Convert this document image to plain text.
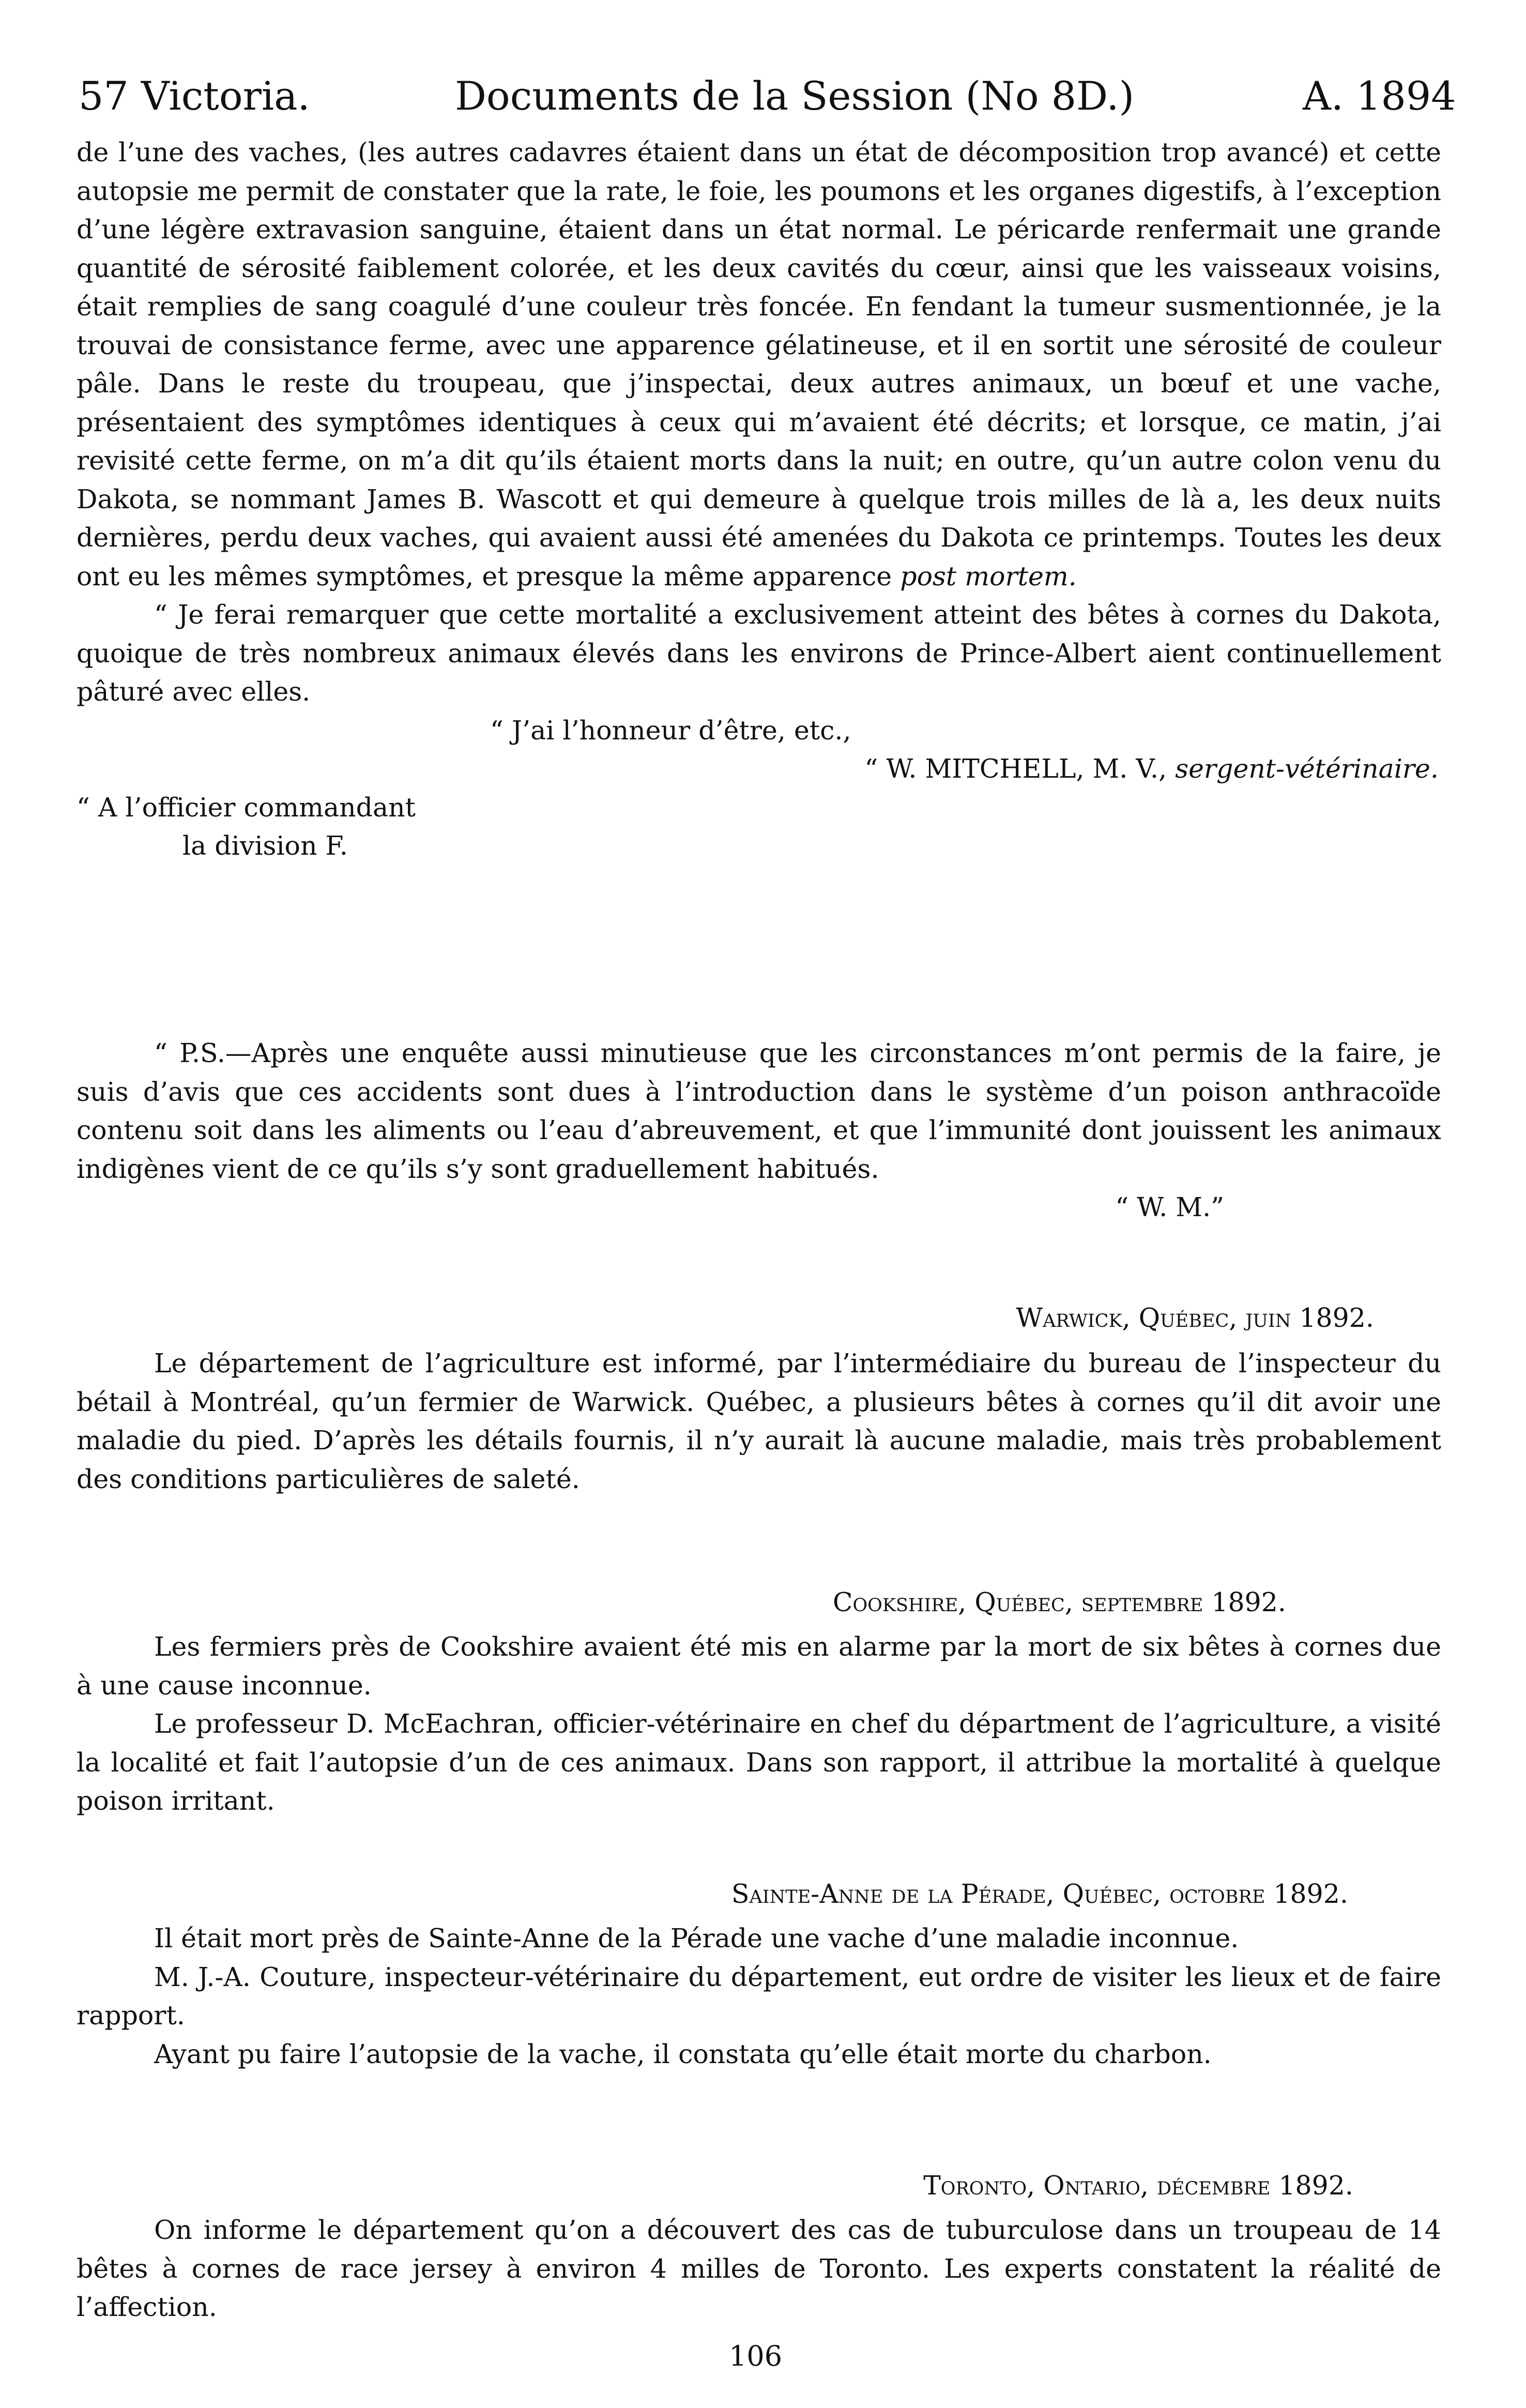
57 Victoria.	Documents de la Session (No 8D.)	A. 1894

de l’une des vaches, (les autres cadavres étaient dans un état de décomposition trop avancé) et cette autopsie me permit de constater que la rate, le foie, les poumons et les organes digestifs, à l’exception d’une légère extravasion sanguine, étaient dans un état normal. Le péricarde renfermait une grande quantité de sérosité faiblement colorée, et les deux cavités du cœur, ainsi que les vaisseaux voisins, était remplies de sang coagulé d’une couleur très foncée. En fendant la tumeur susmentionnée, je la trouvai de consistance ferme, avec une apparence gélatineuse, et il en sortit une sérosité de couleur pâle. Dans le reste du troupeau, que j’inspectai, deux autres animaux, un bœuf et une vache, présentaient des symptômes identiques à ceux qui m’avaient été décrits; et lorsque, ce matin, j’ai revisité cette ferme, on m’a dit qu’ils étaient morts dans la nuit; en outre, qu’un autre colon venu du Dakota, se nommant James B. Wascott et qui demeure à quelque trois milles de là a, les deux nuits dernières, perdu deux vaches, qui avaient aussi été amenées du Dakota ce printemps. Toutes les deux ont eu les mêmes symptômes, et presque la même apparence post mortem.

“ Je ferai remarquer que cette mortalité a exclusivement atteint des bêtes à cornes du Dakota, quoique de très nombreux animaux élevés dans les environs de Prince-Albert aient continuellement pâturé avec elles.

“ J’ai l’honneur d’être, etc.,

“ W. MITCHELL, M. V., sergent-vétérinaire.

“ A l’officier commandant

la division F.

“ P.S.—Après une enquête aussi minutieuse que les circonstances m’ont permis de la faire, je suis d’avis que ces accidents sont dues à l’introduction dans le système d’un poison anthracoïde contenu soit dans les aliments ou l’eau d’abreuvement, et que l’immunité dont jouissent les animaux indigènes vient de ce qu’ils s’y sont graduellement habitués.

“ W. M.”

Warwick, Québec, juin 1892.

Le département de l’agriculture est informé, par l’intermédiaire du bureau de l’inspecteur du bétail à Montréal, qu’un fermier de Warwick. Québec, a plusieurs bêtes à cornes qu’il dit avoir une maladie du pied. D’après les détails fournis, il n’y aurait là aucune maladie, mais très probablement des conditions particulières de saleté.

Cookshire, Québec, septembre 1892.

Les fermiers près de Cookshire avaient été mis en alarme par la mort de six bêtes à cornes due à une cause inconnue.

Le professeur D. McEachran, officier-vétérinaire en chef du départment de l’agriculture, a visité la localité et fait l’autopsie d’un de ces animaux. Dans son rapport, il attribue la mortalité à quelque poison irritant.

Sainte-Anne de la Pérade, Québec, octobre 1892.

Il était mort près de Sainte-Anne de la Pérade une vache d’une maladie inconnue.

M. J.-A. Couture, inspecteur-vétérinaire du département, eut ordre de visiter les lieux et de faire rapport.

Ayant pu faire l’autopsie de la vache, il constata qu’elle était morte du charbon.

Toronto, Ontario, décembre 1892.

On informe le département qu’on a découvert des cas de tuburculose dans un troupeau de 14 bêtes à cornes de race jersey à environ 4 milles de Toronto. Les experts constatent la réalité de l’affection.

106
